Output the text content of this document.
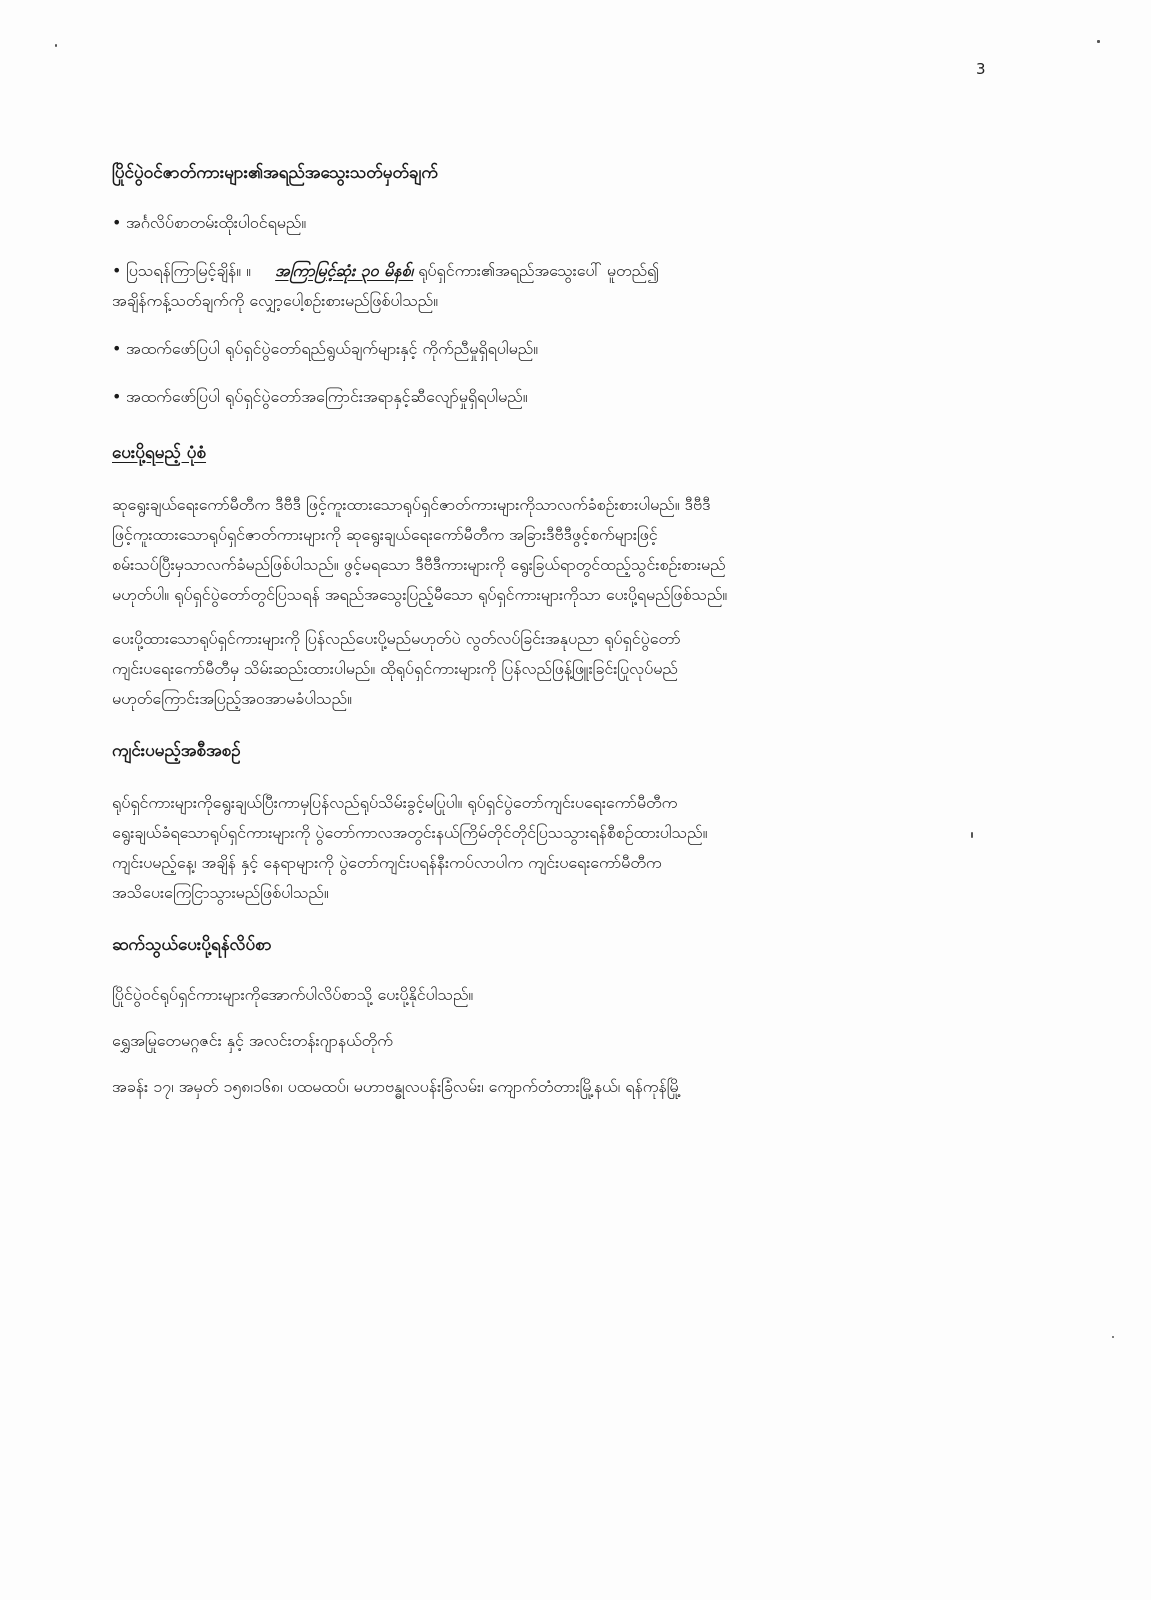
3

ပြိုင်ပွဲဝင်ဇာတ်ကားများ၏အရည်အသွေးသတ်မှတ်ချက်

• အင်္ဂလိပ်စာတမ်းထိုးပါဝင်ရမည်။
• ပြသရန်ကြာမြင့်ချိန်။ ။ အကြာမြင့်ဆုံး ၃၀ မိနစ်၊ ရုပ်ရှင်ကား၏အရည်အသွေးပေါ် မူတည်၍
အချိန်ကန့်သတ်ချက်ကို လျှော့ပေါ့စဉ်းစားမည်ဖြစ်ပါသည်။
• အထက်ဖော်ပြပါ ရုပ်ရှင်ပွဲတော်ရည်ရွယ်ချက်များနှင့် ကိုက်ညီမှုရှိရပါမည်။
• အထက်ဖော်ပြပါ ရုပ်ရှင်ပွဲတော်အကြောင်းအရာနှင့်ဆီလျော်မှုရှိရပါမည်။

ပေးပို့ရမည့် ပုံစံ

ဆုရွေးချယ်ရေးကော်မီတီက ဒီဗီဒီ ဖြင့်ကူးထားသောရုပ်ရှင်ဇာတ်ကားများကိုသာလက်ခံစဉ်းစားပါမည်။ ဒီဗီဒီ

ဖြင့်ကူးထားသောရုပ်ရှင်ဇာတ်ကားများကို ဆုရွေးချယ်ရေးကော်မီတီက အခြားဒီဗီဒီဖွင့်စက်များဖြင့်

စမ်းသပ်ပြီးမှသာလက်ခံမည်ဖြစ်ပါသည်။ ဖွင့်မရသော ဒီဗီဒီကားများကို ရွေးခြယ်ရာတွင်ထည့်သွင်းစဉ်းစားမည်

မဟုတ်ပါ။ ရုပ်ရှင်ပွဲတော်တွင်ပြသရန် အရည်အသွေးပြည့်မီသော ရုပ်ရှင်ကားများကိုသာ ပေးပို့ရမည်ဖြစ်သည်။

ပေးပို့ထားသောရုပ်ရှင်ကားများကို ပြန်လည်ပေးပို့မည်မဟုတ်ပဲ လွတ်လပ်ခြင်းအနုပညာ ရုပ်ရှင်ပွဲတော်

ကျင်းပရေးကော်မီတီမှ သိမ်းဆည်းထားပါမည်။ ထိုရုပ်ရှင်ကားများကို ပြန်လည်ဖြန့်ဖြူးခြင်းပြုလုပ်မည်

မဟုတ်ကြောင်းအပြည့်အဝအာမခံပါသည်။

ကျင်းပမည့်အစီအစဉ်

ရုပ်ရှင်ကားများကိုရွေးချယ်ပြီးကာမှပြန်လည်ရုပ်သိမ်းခွင့်မပြုပါ။ ရုပ်ရှင်ပွဲတော်ကျင်းပရေးကော်မီတီက

ရွေးချယ်ခံရသောရုပ်ရှင်ကားများကို ပွဲတော်ကာလအတွင်းနယ်ကြိမ်တိုင်တိုင်ပြသသွားရန်စီစဉ်ထားပါသည်။

ကျင်းပမည့်နေ့၊ အချိန် နှင့် နေရာများကို ပွဲတော်ကျင်းပရန်နီးကပ်လာပါက ကျင်းပရေးကော်မီတီက

အသိပေးကြေငြာသွားမည်ဖြစ်ပါသည်။

ဆက်သွယ်ပေးပို့ရန်လိပ်စာ

ပြိုင်ပွဲဝင်ရုပ်ရှင်ကားများကိုအောက်ပါလိပ်စာသို့ ပေးပို့နိုင်ပါသည်။

ရွှေအမြုတေမဂ္ဂဇင်း နှင့် အလင်းတန်းဂျာနယ်တိုက်

အခန်း ၁၇၊ အမှတ် ၁၅၈၊၁၆၈၊ ပထမထပ်၊ မဟာဗန္ဓုလပန်းခြံလမ်း၊ ကျောက်တံတားမြို့နယ်၊ ရန်ကုန်မြို့
